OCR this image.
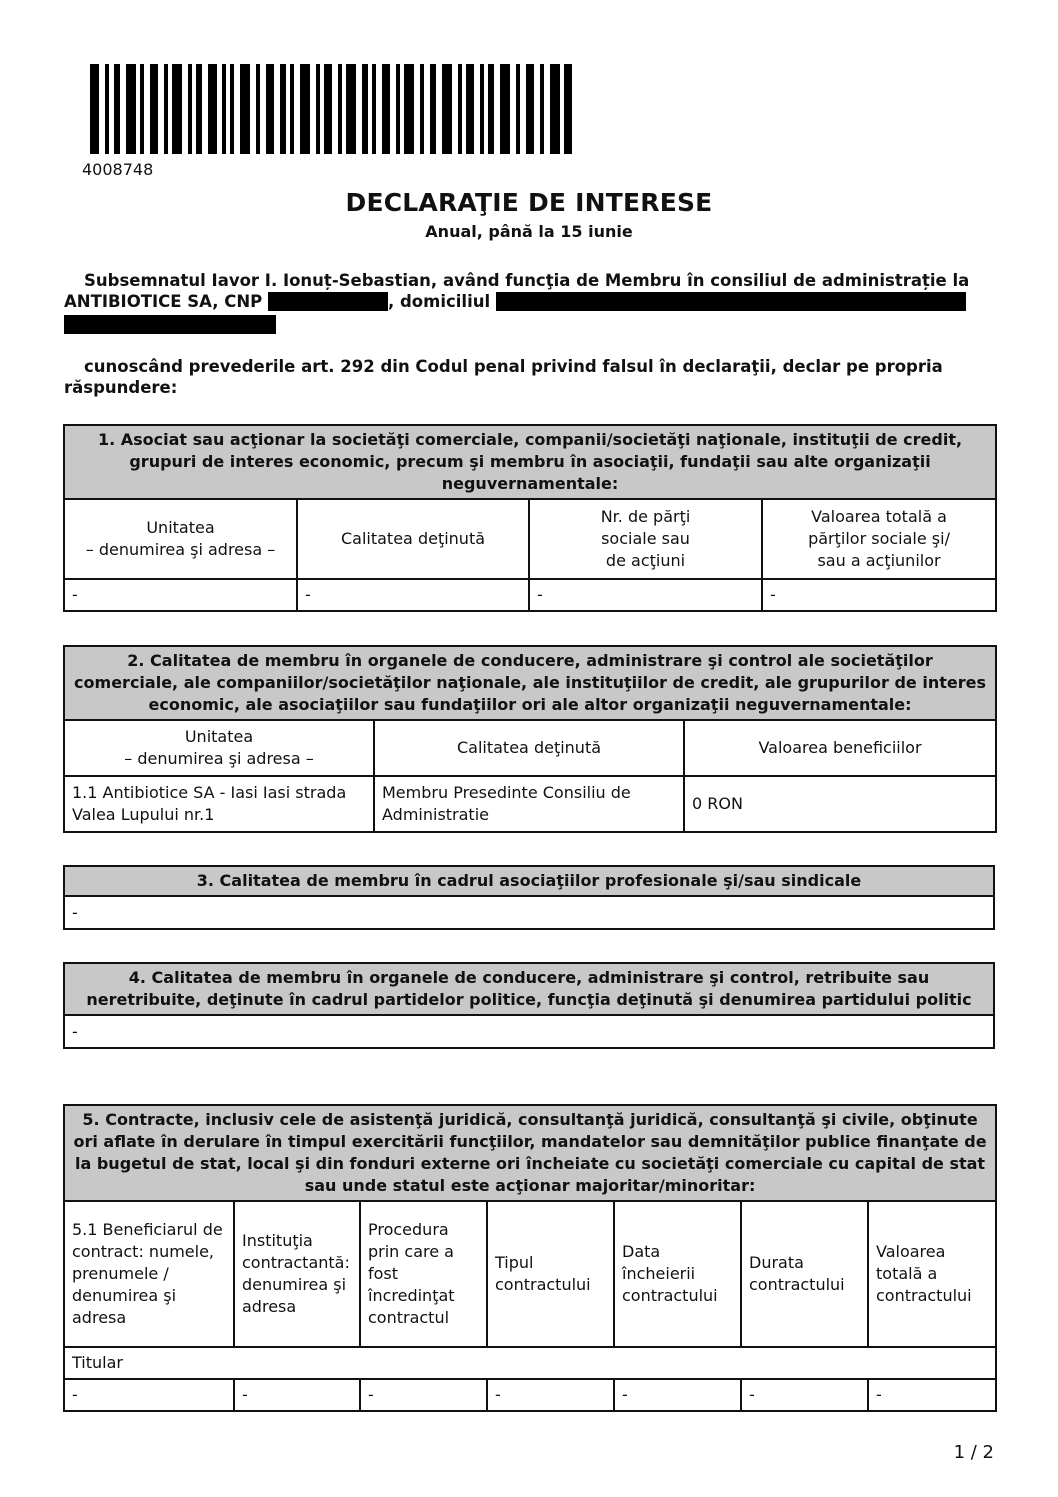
4008748
DECLARAŢIE DE INTERESE
Anual, până la 15 iunie

Subsemnatul Iavor I. Ionuț-Sebastian, având funcţia de Membru în consiliul de administrație la ANTIBIOTICE SA, CNP	, domiciliul

cunoscând prevederile art. 292 din Codul penal privind falsul în declaraţii, declar pe propria răspundere:

1. Asociat sau acţionar la societăţi comerciale, companii/societăţi naţionale, instituţii de credit, grupuri de interes economic, precum şi membru în asociaţii, fundaţii sau alte organizaţii neguvernamentale:			
Unitatea
– denumirea şi adresa –	Calitatea deţinută	Nr. de părţi
sociale sau
de acţiuni	Valoarea totală a
părţilor sociale şi/
sau a acţiunilor
-	-	-	-
2. Calitatea de membru în organele de conducere, administrare şi control ale societăţilor comerciale, ale companiilor/societăţilor naţionale, ale instituţiilor de credit, ale grupurilor de interes economic, ale asociaţiilor sau fundaţiilor ori ale altor organizaţii neguvernamentale:		
Unitatea
– denumirea şi adresa –	Calitatea deţinută	Valoarea beneficiilor
1.1 Antibiotice SA - Iasi Iasi strada Valea Lupului nr.1	Membru Presedinte Consiliu de Administratie	0 RON
3. Calitatea de membru în cadrul asociaţiilor profesionale şi/sau sindicale
-
4. Calitatea de membru în organele de conducere, administrare şi control, retribuite sau neretribuite, deţinute în cadrul partidelor politice, funcţia deţinută şi denumirea partidului politic
-
5. Contracte, inclusiv cele de asistenţă juridică, consultanţă juridică, consultanţă şi civile, obţinute ori aflate în derulare în timpul exercitării funcţiilor, mandatelor sau demnităţilor publice finanţate de la bugetul de stat, local şi din fonduri externe ori încheiate cu societăţi comerciale cu capital de stat sau unde statul este acţionar majoritar/minoritar:						
5.1 Beneficiarul de contract: numele, prenumele / denumirea şi adresa	Instituţia contractantă: denumirea şi adresa	Procedura prin care a fost încredinţat contractul	Tipul contractului	Data încheierii contractului	Durata contractului	Valoarea totală a contractului
Titular						
-	-	-	-	-	-	-
1 / 2
